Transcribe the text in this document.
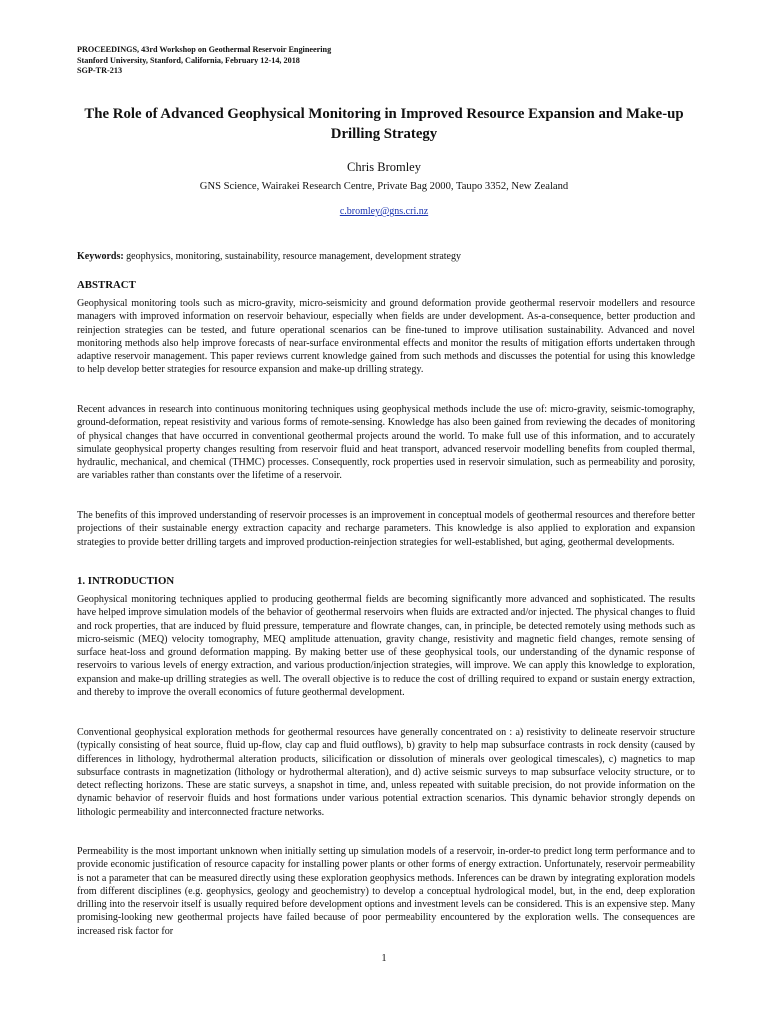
PROCEEDINGS, 43rd Workshop on Geothermal Reservoir Engineering
Stanford University, Stanford, California, February 12-14, 2018
SGP-TR-213
The Role of Advanced Geophysical Monitoring in Improved Resource Expansion and Make-up Drilling Strategy
Chris Bromley
GNS Science, Wairakei Research Centre, Private Bag 2000, Taupo 3352, New Zealand
c.bromley@gns.cri.nz
Keywords: geophysics, monitoring, sustainability, resource management, development strategy
ABSTRACT

Geophysical monitoring tools such as micro-gravity, micro-seismicity and ground deformation provide geothermal reservoir modellers and resource managers with improved information on reservoir behaviour, especially when fields are under development. As-a-consequence, better production and reinjection strategies can be tested, and future operational scenarios can be fine-tuned to improve utilisation sustainability. Advanced and novel monitoring methods also help improve forecasts of near-surface environmental effects and monitor the results of mitigation efforts undertaken through adaptive reservoir management. This paper reviews current knowledge gained from such methods and discusses the potential for using this knowledge to help develop better strategies for resource expansion and make-up drilling strategy.

Recent advances in research into continuous monitoring techniques using geophysical methods include the use of: micro-gravity, seismic-tomography, ground-deformation, repeat resistivity and various forms of remote-sensing. Knowledge has also been gained from reviewing the decades of monitoring of physical changes that have occurred in conventional geothermal projects around the world. To make full use of this information, and to accurately simulate geophysical property changes resulting from reservoir fluid and heat transport, advanced reservoir modelling benefits from coupled thermal, hydraulic, mechanical, and chemical (THMC) processes. Consequently, rock properties used in reservoir simulation, such as permeability and porosity, are variables rather than constants over the lifetime of a reservoir.

The benefits of this improved understanding of reservoir processes is an improvement in conceptual models of geothermal resources and therefore better projections of their sustainable energy extraction capacity and recharge parameters. This knowledge is also applied to exploration and expansion strategies to provide better drilling targets and improved production-reinjection strategies for well-established, but aging, geothermal developments.

1. INTRODUCTION

Geophysical monitoring techniques applied to producing geothermal fields are becoming significantly more advanced and sophisticated. The results have helped improve simulation models of the behavior of geothermal reservoirs when fluids are extracted and/or injected. The physical changes to fluid and rock properties, that are induced by fluid pressure, temperature and flowrate changes, can, in principle, be detected remotely using methods such as micro-seismic (MEQ) velocity tomography, MEQ amplitude attenuation, gravity change, resistivity and magnetic field changes, remote sensing of surface heat-loss and ground deformation mapping. By making better use of these geophysical tools, our understanding of the dynamic response of reservoirs to various levels of energy extraction, and various production/injection strategies, will improve. We can apply this knowledge to exploration, expansion and make-up drilling strategies as well. The overall objective is to reduce the cost of drilling required to expand or sustain energy extraction, and thereby to improve the overall economics of future geothermal development.

Conventional geophysical exploration methods for geothermal resources have generally concentrated on : a) resistivity to delineate reservoir structure (typically consisting of heat source, fluid up-flow, clay cap and fluid outflows), b) gravity to help map subsurface contrasts in rock density (caused by differences in lithology, hydrothermal alteration products, silicification or dissolution of minerals over geological timescales), c) magnetics to map subsurface contrasts in magnetization (lithology or hydrothermal alteration), and d) active seismic surveys to map subsurface velocity structure, or to detect reflecting horizons. These are static surveys, a snapshot in time, and, unless repeated with suitable precision, do not provide information on the dynamic behavior of reservoir fluids and host formations under various potential extraction scenarios. This dynamic behavior strongly depends on lithologic permeability and interconnected fracture networks.

Permeability is the most important unknown when initially setting up simulation models of a reservoir, in-order-to predict long term performance and to provide economic justification of resource capacity for installing power plants or other forms of energy extraction. Unfortunately, reservoir permeability is not a parameter that can be measured directly using these exploration geophysics methods. Inferences can be drawn by integrating exploration models from different disciplines (e.g. geophysics, geology and geochemistry) to develop a conceptual hydrological model, but, in the end, deep exploration drilling into the reservoir itself is usually required before development options and investment levels can be considered. This is an expensive step. Many promising-looking new geothermal projects have failed because of poor permeability encountered by the exploration wells. The consequences are increased risk factor for

1
